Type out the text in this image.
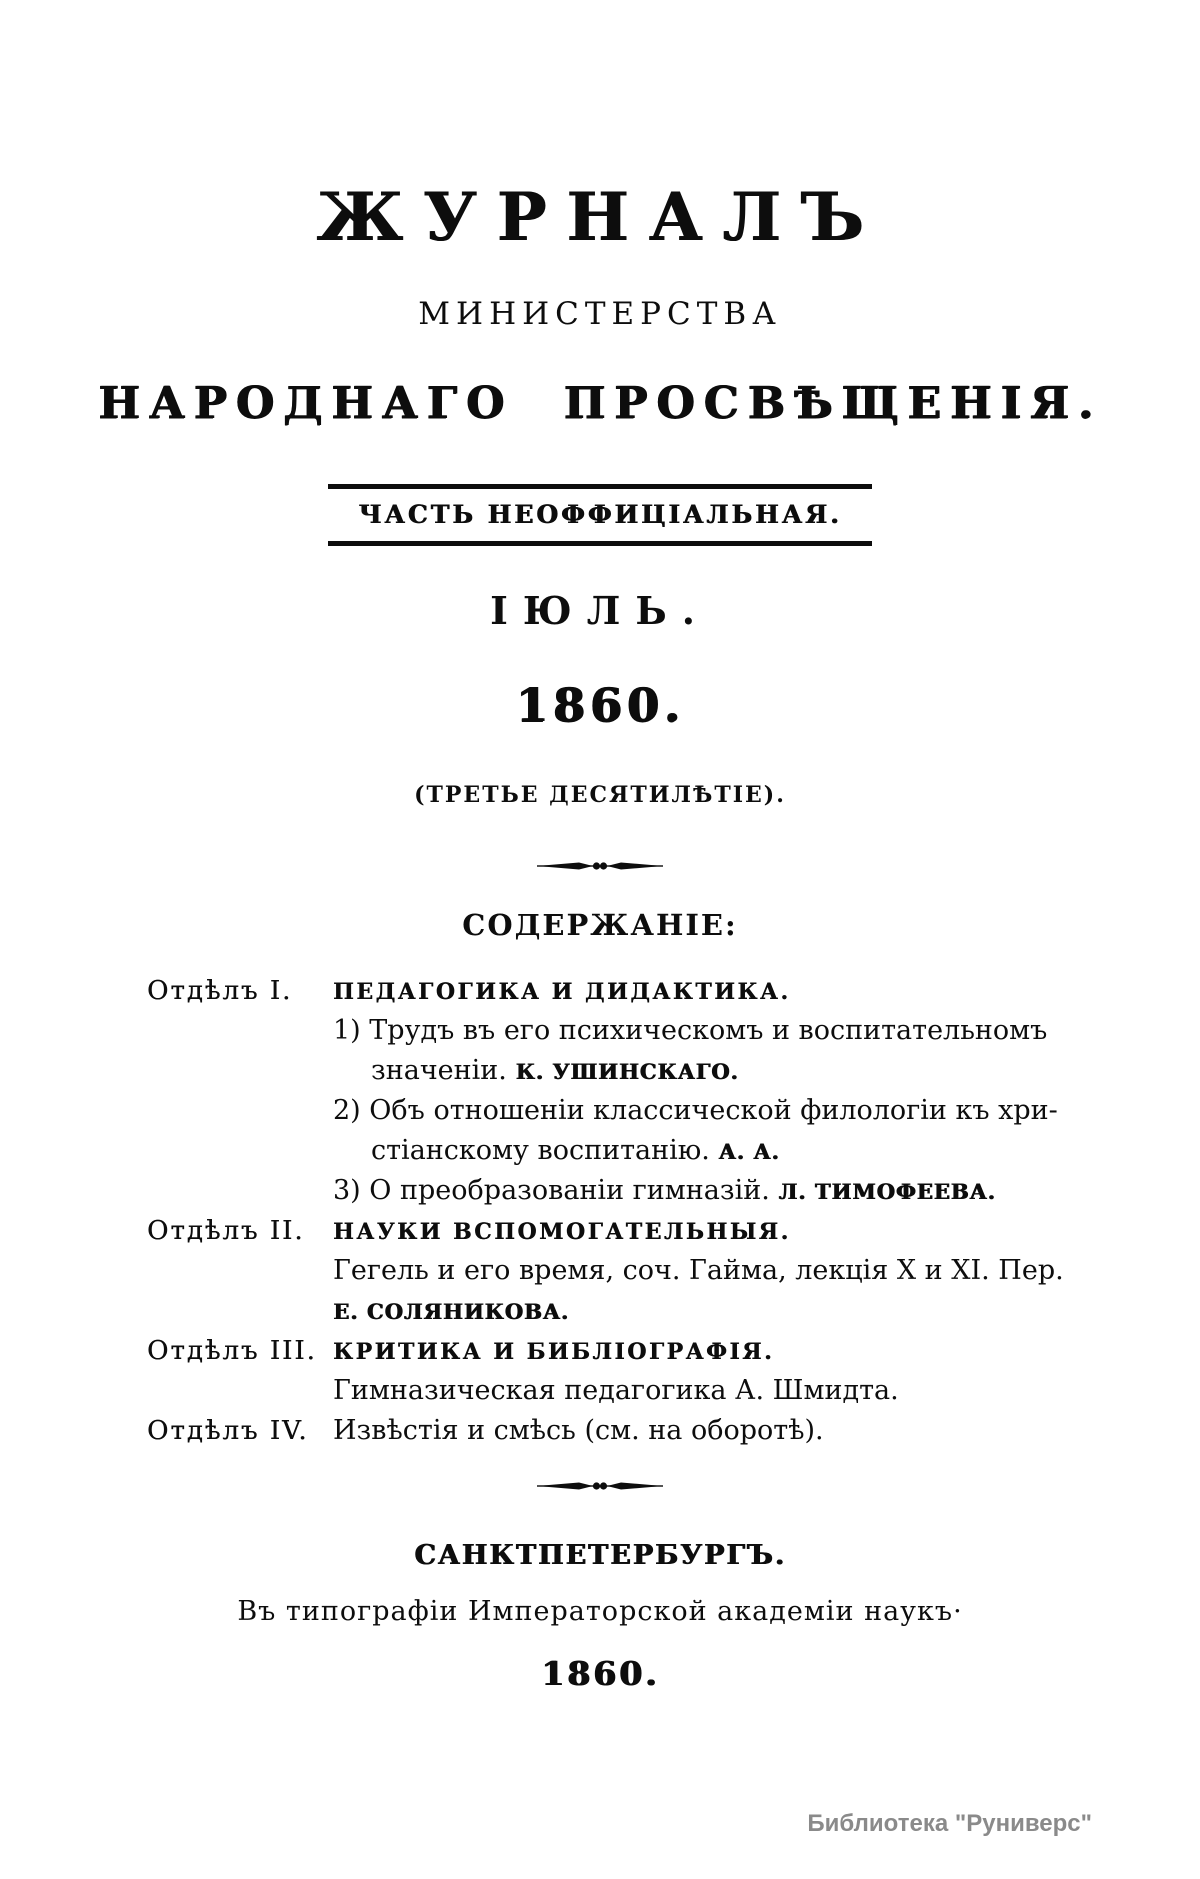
ЖУРНАЛЪ
МИНИСТЕРСТВА
НАРОДНАГО ПРОСВѢЩЕНІЯ.
ЧАСТЬ НЕОФФИЦІАЛЬНАЯ.
ІЮЛЬ.
1860.
(ТРЕТЬЕ ДЕСЯТИЛѢТІЕ).
СОДЕРЖАНІЕ:
Отдѣлъ I.	ПЕДАГОГИКА И ДИДАКТИКА.
1) Трудъ въ его психическомъ и воспитательномъ
значеніи. К. УШИНСКАГО.
2) Объ отношеніи классической филологіи къ хри-
стіанскому воспитанію. А. А.
3) О преобразованіи гимназій. Л. ТИМОФЕЕВА.
Отдѣлъ II.	НАУКИ ВСПОМОГАТЕЛЬНЫЯ.
Гегель и его время, соч. Гайма, лекція X и XI. Пер.
Е. СОЛЯНИКОВА.
Отдѣлъ III. КРИТИКА И БИБЛІОГРАФІЯ.
Гимназическая педагогика А. Шмидта.
Отдѣлъ IV. Извѣстія и смѣсь (см. на оборотѣ).
САНКТПЕТЕРБУРГЪ.
Въ типографіи Императорской академіи наукъ·
1860.
Библиотека "Руниверс"
